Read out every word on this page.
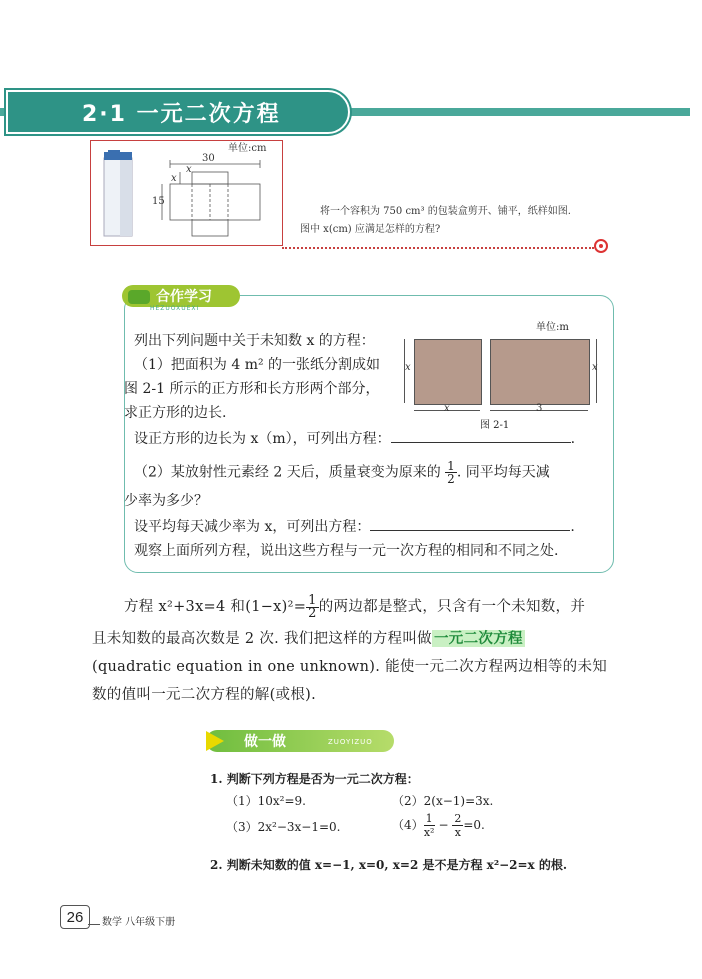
2·1 一元二次方程
单位:cm
30
15
x
x
将一个容积为 750 cm³ 的包装盒剪开、铺平，纸样如图.
图中 x(cm) 应满足怎样的方程?
合作学习
HEZUOXUEXI
列出下列问题中关于未知数 x 的方程：
（1）把面积为 4 m² 的一张纸分割成如
图 2-1 所示的正方形和长方形两个部分，
求正方形的边长.
设正方形的边长为 x（m），可列出方程：	.
（2）某放射性元素经 2 天后，质量衰变为原来的 $\frac{1}{2}$ . 同平均每天减
少率为多少？
设平均每天减少率为 x，可列出方程：	.
观察上面所列方程，说出这些方程与一元一次方程的相同和不同之处.
单位:m
x	x
x	3
图 2-1
方程 x²+3x=4 和$(1-x)^2= \frac{1}{2}$ 的两边都是整式，只含有一个未知数，并
且未知数的最高次数是 2 次. 我们把这样的方程叫做 一元二次方程
(quadratic equation in one unknown). 能使一元二次方程两边相等的未知
数的值叫一元二次方程的解(或根).
做一做	ZUOYIZUO
1. 判断下列方程是否为一元二次方程：
（1）10x²=9.	（2）2(x−1)=3x.
（3）2x²−3x−1=0.	$(4) \frac{1}{\text{x²}} - \frac{2}{x} =0$.
2. 判断未知数的值 x=−1, x=0, x=2 是不是方程 x²−2=x 的根.
26	数学 八年级下册
